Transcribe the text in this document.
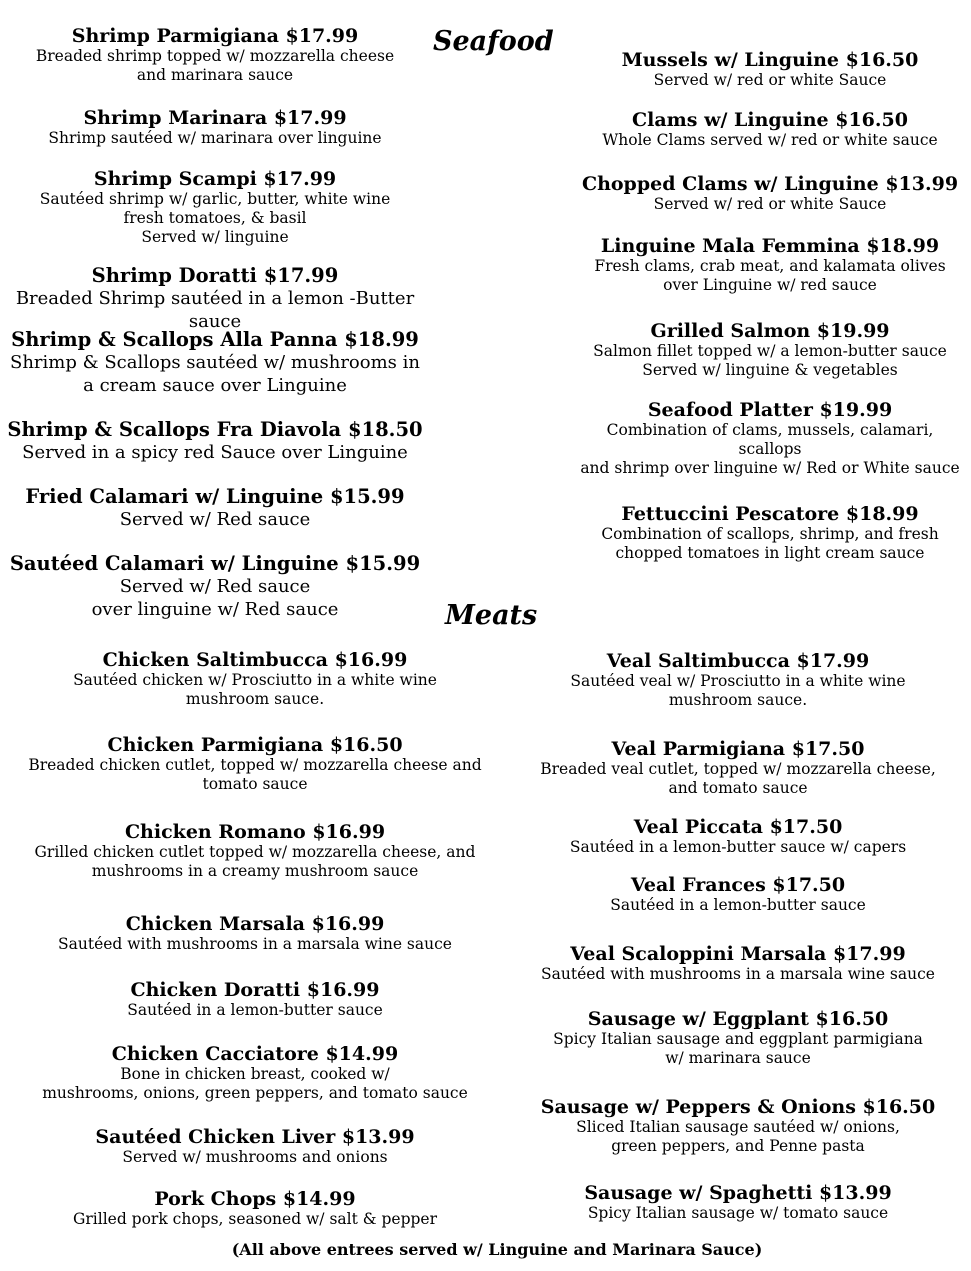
Seafood
Meats
Shrimp Parmigiana $17.99
Breaded shrimp topped w/ mozzarella cheese
and marinara sauce
Shrimp Marinara $17.99
Shrimp sautéed w/ marinara over linguine
Shrimp Scampi $17.99
Sautéed shrimp w/ garlic, butter, white wine
fresh tomatoes, & basil
Served w/ linguine
Shrimp Doratti $17.99
Breaded Shrimp sautéed in a lemon -Butter sauce
Shrimp & Scallops Alla Panna $18.99
Shrimp & Scallops sautéed w/ mushrooms in
a cream sauce over Linguine
Shrimp & Scallops Fra Diavola $18.50
Served in a spicy red Sauce over Linguine
Fried Calamari w/ Linguine $15.99
Served w/ Red sauce
Sautéed Calamari w/ Linguine $15.99
Served w/ Red sauce
over linguine w/ Red sauce
Mussels w/ Linguine $16.50
Served w/ red or white Sauce
Clams w/ Linguine $16.50
Whole Clams served w/ red or white sauce
Chopped Clams w/ Linguine $13.99
Served w/ red or white Sauce
Linguine Mala Femmina $18.99
Fresh clams, crab meat, and kalamata olives
over Linguine w/ red sauce
Grilled Salmon $19.99
Salmon fillet topped w/ a lemon-butter sauce
Served w/ linguine & vegetables
Seafood Platter $19.99
Combination of clams, mussels, calamari,
scallops
and shrimp over linguine w/ Red or White sauce
Fettuccini Pescatore $18.99
Combination of scallops, shrimp, and fresh
chopped tomatoes in light cream sauce
Chicken Saltimbucca $16.99
Sautéed chicken w/ Prosciutto in a white wine
mushroom sauce.
Chicken Parmigiana $16.50
Breaded chicken cutlet, topped w/ mozzarella cheese and
tomato sauce
Chicken Romano $16.99
Grilled chicken cutlet topped w/ mozzarella cheese, and
mushrooms in a creamy mushroom sauce
Chicken Marsala $16.99
Sautéed with mushrooms in a marsala wine sauce
Chicken Doratti $16.99
Sautéed in a lemon-butter sauce
Chicken Cacciatore $14.99
Bone in chicken breast, cooked w/
mushrooms, onions, green peppers, and tomato sauce
Sautéed Chicken Liver $13.99
Served w/ mushrooms and onions
Pork Chops $14.99
Grilled pork chops, seasoned w/ salt & pepper
Veal Saltimbucca $17.99
Sautéed veal w/ Prosciutto in a white wine
mushroom sauce.
Veal Parmigiana $17.50
Breaded veal cutlet, topped w/ mozzarella cheese,
and tomato sauce
Veal Piccata $17.50
Sautéed in a lemon-butter sauce w/ capers
Veal Frances $17.50
Sautéed in a lemon-butter sauce
Veal Scaloppini Marsala $17.99
Sautéed with mushrooms in a marsala wine sauce
Sausage w/ Eggplant $16.50
Spicy Italian sausage and eggplant parmigiana
w/ marinara sauce
Sausage w/ Peppers & Onions $16.50
Sliced Italian sausage sautéed w/ onions,
green peppers, and Penne pasta
Sausage w/ Spaghetti $13.99
Spicy Italian sausage w/ tomato sauce
(All above entrees served w/ Linguine and Marinara Sauce)
